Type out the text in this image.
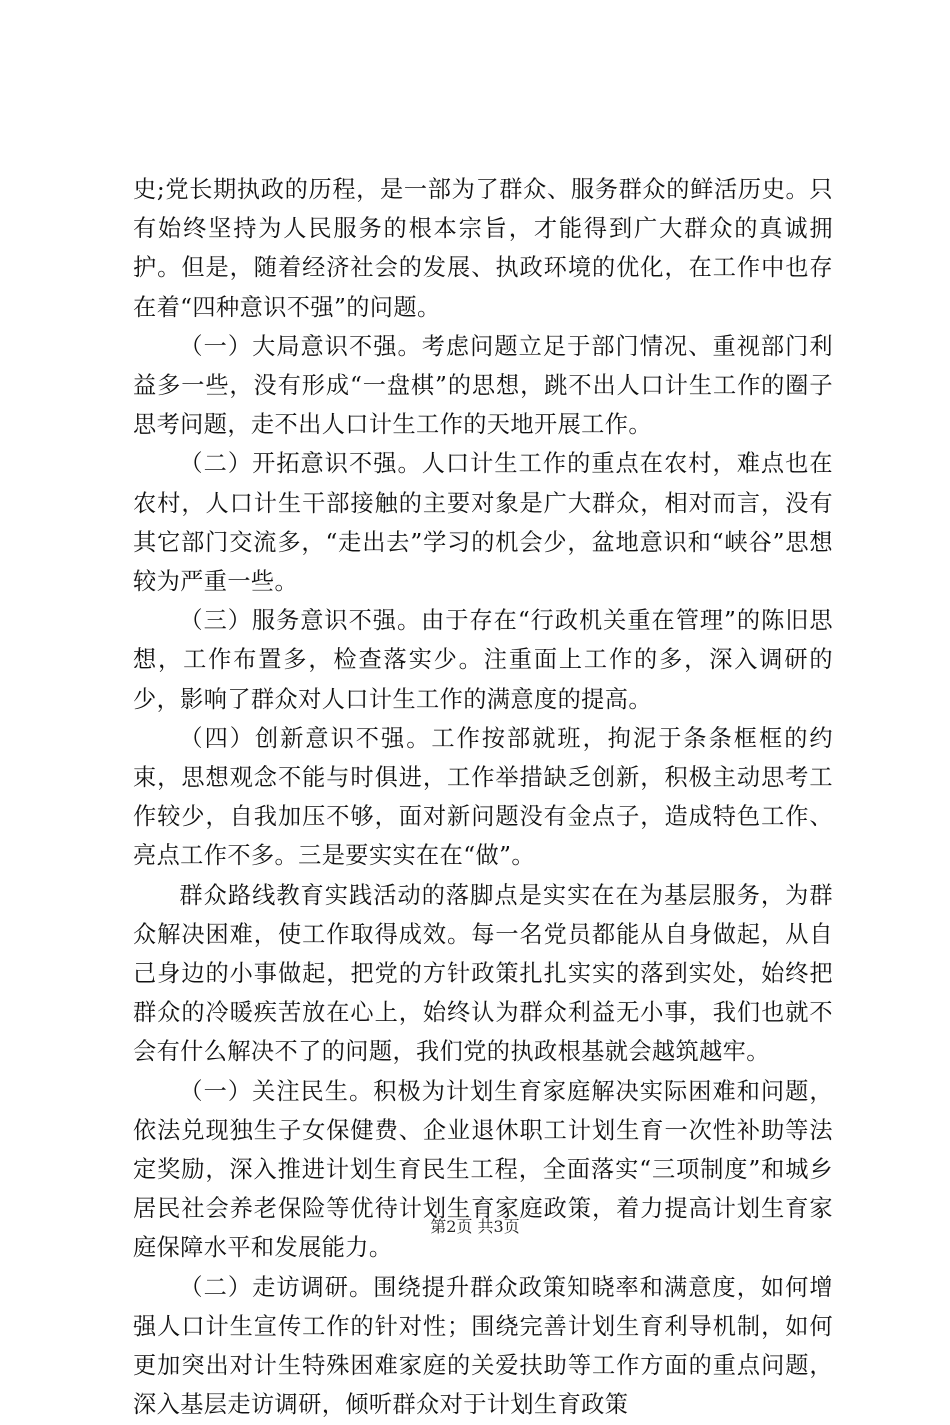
史;党长期执政的历程，是一部为了群众、服务群众的鲜活历史。只有始终坚持为人民服务的根本宗旨，才能得到广大群众的真诚拥护。但是，随着经济社会的发展、执政环境的优化，在工作中也存在着“四种意识不强”的问题。

（一）大局意识不强。考虑问题立足于部门情况、重视部门利益多一些，没有形成“一盘棋”的思想，跳不出人口计生工作的圈子思考问题，走不出人口计生工作的天地开展工作。

（二）开拓意识不强。人口计生工作的重点在农村，难点也在农村，人口计生干部接触的主要对象是广大群众，相对而言，没有其它部门交流多，“走出去”学习的机会少，盆地意识和“峡谷”思想较为严重一些。

（三）服务意识不强。由于存在“行政机关重在管理”的陈旧思想，工作布置多，检查落实少。注重面上工作的多，深入调研的少，影响了群众对人口计生工作的满意度的提高。

（四）创新意识不强。工作按部就班，拘泥于条条框框的约束，思想观念不能与时俱进，工作举措缺乏创新，积极主动思考工作较少，自我加压不够，面对新问题没有金点子，造成特色工作、亮点工作不多。三是要实实在在“做”。

群众路线教育实践活动的落脚点是实实在在为基层服务，为群众解决困难，使工作取得成效。每一名党员都能从自身做起，从自己身边的小事做起，把党的方针政策扎扎实实的落到实处，始终把群众的冷暖疾苦放在心上，始终认为群众利益无小事，我们也就不会有什么解决不了的问题，我们党的执政根基就会越筑越牢。

（一）关注民生。积极为计划生育家庭解决实际困难和问题，依法兑现独生子女保健费、企业退休职工计划生育一次性补助等法定奖励，深入推进计划生育民生工程，全面落实“三项制度”和城乡居民社会养老保险等优待计划生育家庭政策，着力提高计划生育家庭保障水平和发展能力。

（二）走访调研。围绕提升群众政策知晓率和满意度，如何增强人口计生宣传工作的针对性；围绕完善计划生育利导机制，如何更加突出对计生特殊困难家庭的关爱扶助等工作方面的重点问题，深入基层走访调研，倾听群众对于计划生育政策

第2页 共3页
